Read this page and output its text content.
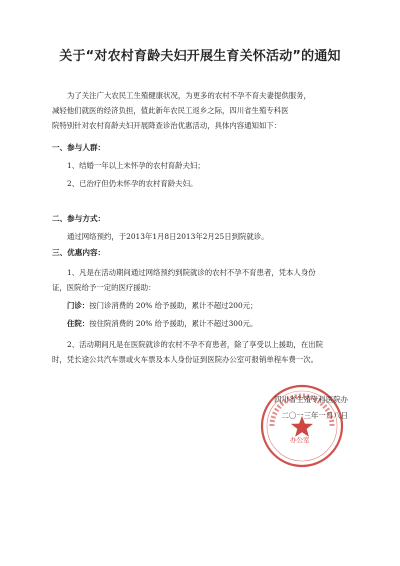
关于“对农村育龄夫妇开展生育关怀活动”的通知
为了关注广大农民工生殖健康状况，为更多的农村不孕不育夫妻提供服务，
减轻他们就医的经济负担，值此新年农民工返乡之际，四川省生殖专科医
院特别针对农村育龄夫妇开展降查诊治优惠活动，具体内容通知如下：
一、参与人群：
1、结婚一年以上未怀孕的农村育龄夫妇；
2、已治疗但仍未怀孕的农村育龄夫妇。
二、参与方式：
通过网络预约，于2013年1月8日2013年2月25日到院就诊。
三、优惠内容：
1、凡是在活动期间通过网络预约到院就诊的农村不孕不育患者，凭本人身份
证，医院给予一定的医疗援助：
门诊：按门诊消费的 20% 给予援助，累计不超过200元；
住院：按住院消费的 20% 给予援助，累计不超过300元。
2、活动期间凡是在医院就诊的农村不孕不育患者，除了享受以上援助，在出院
时，凭长途公共汽车票或火车票及本人身份证到医院办公室可报销单程车费一次。
四川省生殖专科医院办
二〇一三年一月八日
办公室
